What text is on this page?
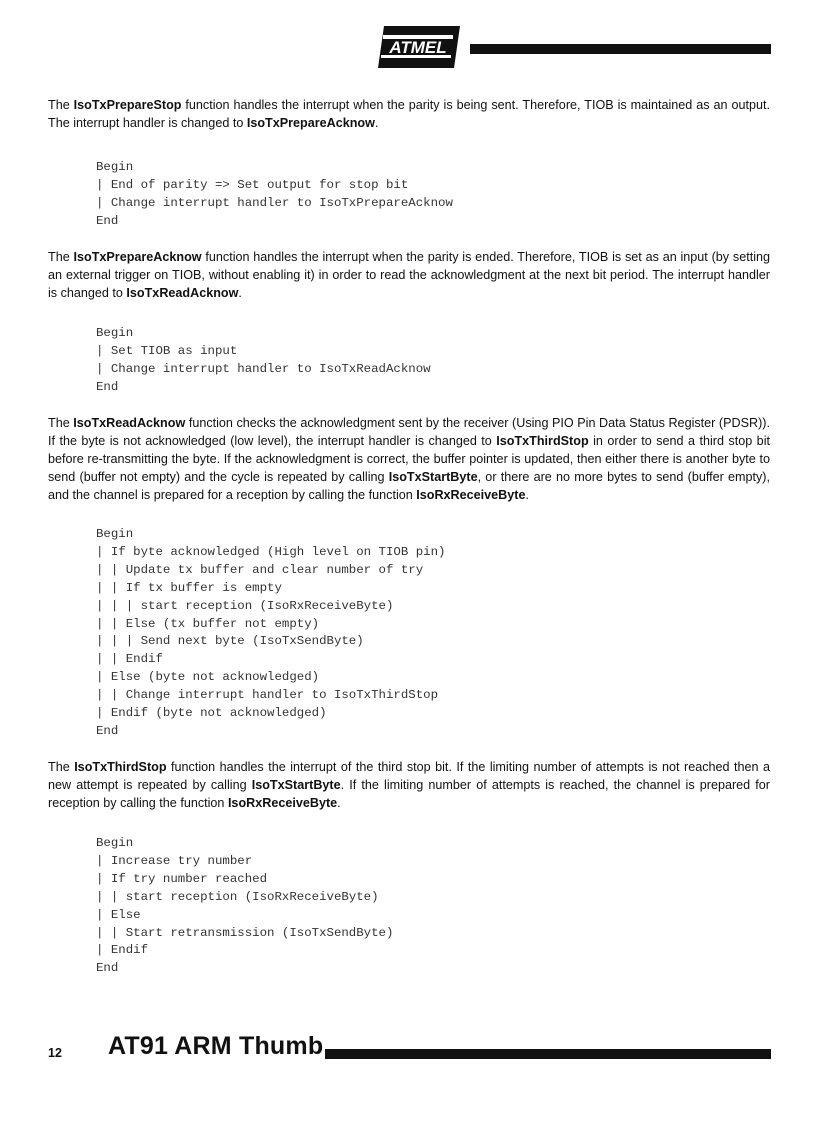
ATMEL

The IsoTxPrepareStop function handles the interrupt when the parity is being sent. Therefore, TIOB is maintained as an output. The interrupt handler is changed to IsoTxPrepareAcknow.

Begin
| End of parity => Set output for stop bit
| Change interrupt handler to IsoTxPrepareAcknow
End

The IsoTxPrepareAcknow function handles the interrupt when the parity is ended. Therefore, TIOB is set as an input (by setting an external trigger on TIOB, without enabling it) in order to read the acknowledgment at the next bit period. The interrupt handler is changed to IsoTxReadAcknow.

Begin
| Set TIOB as input
| Change interrupt handler to IsoTxReadAcknow
End

The IsoTxReadAcknow function checks the acknowledgment sent by the receiver (Using PIO Pin Data Status Register (PDSR)). If the byte is not acknowledged (low level), the interrupt handler is changed to IsoTxThirdStop in order to send a third stop bit before re-transmitting the byte. If the acknowledgment is correct, the buffer pointer is updated, then either there is another byte to send (buffer not empty) and the cycle is repeated by calling IsoTxStartByte, or there are no more bytes to send (buffer empty), and the channel is prepared for a reception by calling the function IsoRxReceiveByte.

Begin
| If byte acknowledged (High level on TIOB pin)
| | Update tx buffer and clear number of try
| | If tx buffer is empty
| | | start reception (IsoRxReceiveByte)
| | Else (tx buffer not empty)
| | | Send next byte (IsoTxSendByte)
| | Endif
| Else (byte not acknowledged)
| | Change interrupt handler to IsoTxThirdStop
| Endif (byte not acknowledged)
End

The IsoTxThirdStop function handles the interrupt of the third stop bit. If the limiting number of attempts is not reached then a new attempt is repeated by calling IsoTxStartByte. If the limiting number of attempts is reached, the channel is prepared for reception by calling the function IsoRxReceiveByte.

Begin
| Increase try number
| If try number reached
| | start reception (IsoRxReceiveByte)
| Else
| | Start retransmission (IsoTxSendByte)
| Endif
End
12 AT91 ARM Thumb
